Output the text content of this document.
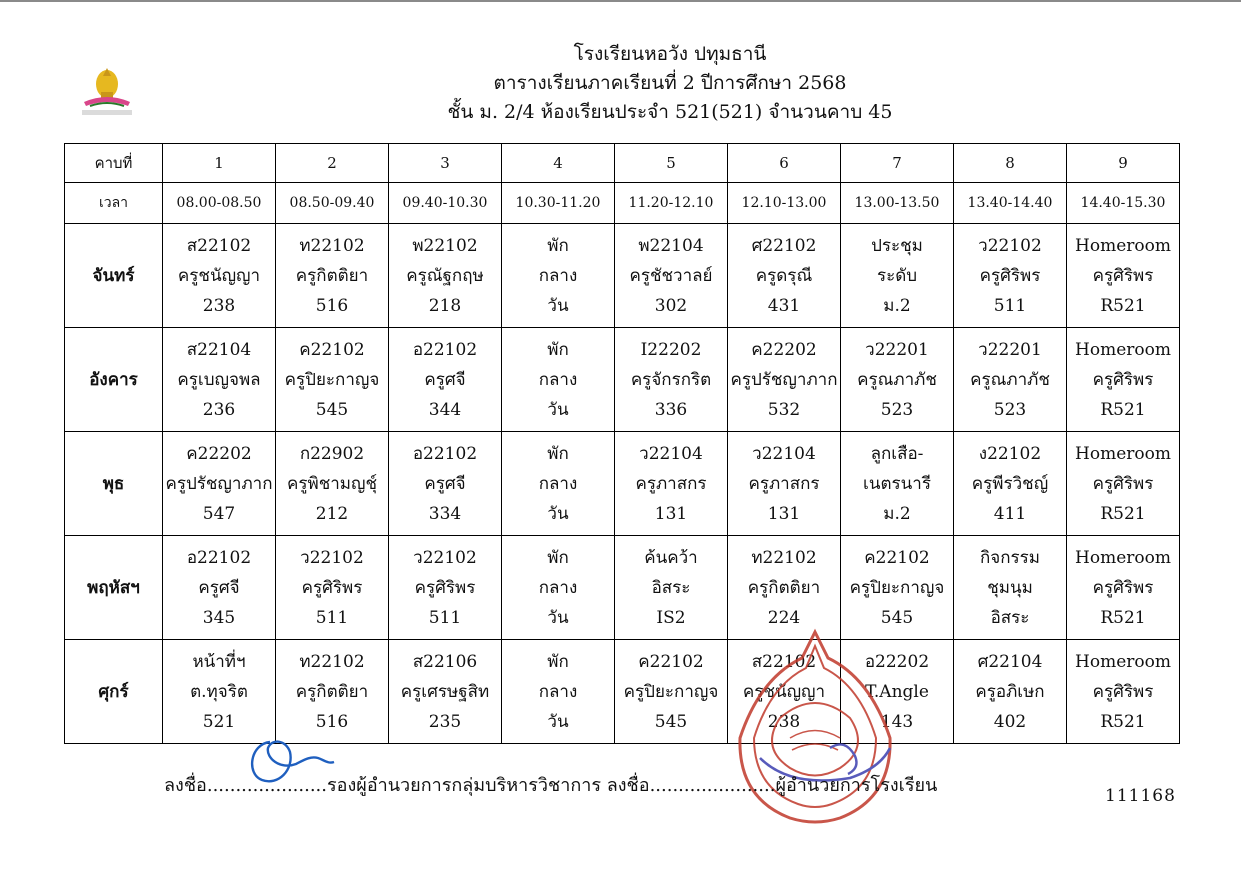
โรงเรียนหอวัง ปทุมธานี
ตารางเรียนภาคเรียนที่ 2 ปีการศึกษา 2568
ชั้น ม. 2/4 ห้องเรียนประจำ 521(521) จำนวนคาบ 45
คาบที่	1	2	3	4	5	6	7	8	9
เวลา	08.00-08.50	08.50-09.40	09.40-10.30	10.30-11.20	11.20-12.10	12.10-13.00	13.00-13.50	13.40-14.40	14.40-15.30
จันทร์	ส22102
ครูชนัญญา
238	ท22102
ครูกิตติยา
516	พ22102
ครูณัฐกฤษ
218	พัก
กลาง
วัน	พ22104
ครูชัชวาลย์
302	ศ22102
ครูดรุณี
431	ประชุม
ระดับ
ม.2	ว22102
ครูศิริพร
511	Homeroom
ครูศิริพร
R521

อังคาร	ส22104
ครูเบญจพล
236	ค22102
ครูปิยะกาญจ
545	อ22102
ครูศจี
344	พัก
กลาง
วัน	I22202
ครูจักรกริต
336	ค22202
ครูปรัชญาภาก
532	ว22201
ครูณภาภัช
523	ว22201
ครูณภาภัช
523	Homeroom
ครูศิริพร
R521

พุธ	ค22202
ครูปรัชญาภาก
547	ก22902
ครูพิชามญชุ์
212	อ22102
ครูศจี
334	พัก
กลาง
วัน	ว22104
ครูภาสกร
131	ว22104
ครูภาสกร
131	ลูกเสือ-
เนตรนารี
ม.2	ง22102
ครูพีรวิชญ์
411	Homeroom
ครูศิริพร
R521

พฤหัสฯ	อ22102
ครูศจี
345	ว22102
ครูศิริพร
511	ว22102
ครูศิริพร
511	พัก
กลาง
วัน	ค้นคว้า
อิสระ
IS2	ท22102
ครูกิตติยา
224	ค22102
ครูปิยะกาญจ
545	กิจกรรม
ชุมนุม
อิสระ	Homeroom
ครูศิริพร
R521

ศุกร์	หน้าที่ฯ
ต.ทุจริต
521	ท22102
ครูกิตติยา
516	ส22106
ครูเศรษฐสิท
235	พัก
กลาง
วัน	ค22102
ครูปิยะกาญจ
545	ส22102
ครูชนัญญา
238	อ22202
T.Angle
143	ศ22104
ครูอภิเษก
402	Homeroom
ครูศิริพร
R521
ลงชื่อ.....................รองผู้อำนวยการกลุ่มบริหารวิชาการ ลงชื่อ......................ผู้อำนวยการโรงเรียน	111168
